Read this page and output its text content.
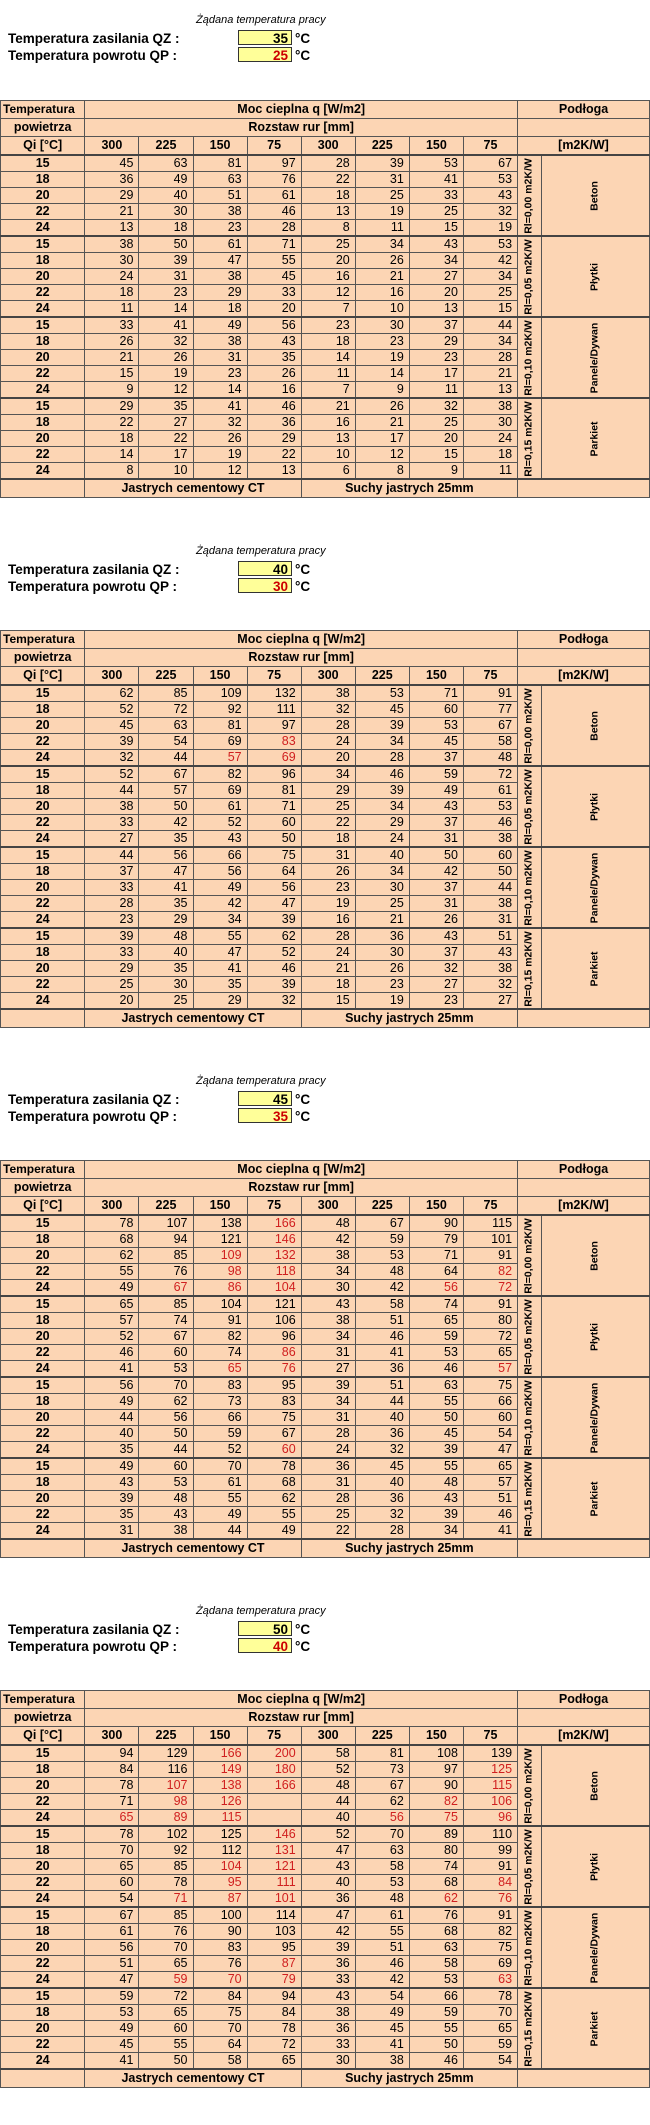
Żądana temperatura pracy
Temperatura zasilania QZ :	35 °C
Temperatura powrotu QP :	25 °C
Temperatura	Moc cieplna q [W/m2]								Podłoga	
powietrza	Rozstaw rur [mm]									
Qi [°C]	300	225	150	75	300	225	150	75	[m2K/W]	
15	45	63	81	97	28	39	53	67	Rl=0,00 m2K/W	Beton

18	36	49	63	76	22	31	41	53		
20	29	40	51	61	18	25	33	43		
22	21	30	38	46	13	19	25	32		
24	13	18	23	28	8	11	15	19		
15	38	50	61	71	25	34	43	53	Rl=0,05 m2K/W	Płytki

18	30	39	47	55	20	26	34	42		
20	24	31	38	45	16	21	27	34		
22	18	23	29	33	12	16	20	25		
24	11	14	18	20	7	10	13	15		
15	33	41	49	56	23	30	37	44	Rl=0,10 m2K/W	Panele/Dywan

18	26	32	38	43	18	23	29	34		
20	21	26	31	35	14	19	23	28		
22	15	19	23	26	11	14	17	21		
24	9	12	14	16	7	9	11	13		
15	29	35	41	46	21	26	32	38	Rl=0,15 m2K/W	Parkiet

18	22	27	32	36	16	21	25	30		
20	18	22	26	29	13	17	20	24		
22	14	17	19	22	10	12	15	18		
24	8	10	12	13	6	8	9	11		
	Jastrych cementowy CT				Suchy jastrych 25mm					
Żądana temperatura pracy
Temperatura zasilania QZ :	40 °C
Temperatura powrotu QP :	30 °C
Temperatura	Moc cieplna q [W/m2]								Podłoga	
powietrza	Rozstaw rur [mm]									
Qi [°C]	300	225	150	75	300	225	150	75	[m2K/W]	
15	62	85	109	132	38	53	71	91	Rl=0,00 m2K/W	Beton

18	52	72	92	111	32	45	60	77		
20	45	63	81	97	28	39	53	67		
22	39	54	69	83	24	34	45	58		
24	32	44	57	69	20	28	37	48		
15	52	67	82	96	34	46	59	72	Rl=0,05 m2K/W	Płytki

18	44	57	69	81	29	39	49	61		
20	38	50	61	71	25	34	43	53		
22	33	42	52	60	22	29	37	46		
24	27	35	43	50	18	24	31	38		
15	44	56	66	75	31	40	50	60	Rl=0,10 m2K/W	Panele/Dywan

18	37	47	56	64	26	34	42	50		
20	33	41	49	56	23	30	37	44		
22	28	35	42	47	19	25	31	38		
24	23	29	34	39	16	21	26	31		
15	39	48	55	62	28	36	43	51	Rl=0,15 m2K/W	Parkiet

18	33	40	47	52	24	30	37	43		
20	29	35	41	46	21	26	32	38		
22	25	30	35	39	18	23	27	32		
24	20	25	29	32	15	19	23	27		
	Jastrych cementowy CT				Suchy jastrych 25mm					
Żądana temperatura pracy
Temperatura zasilania QZ :	45 °C
Temperatura powrotu QP :	35 °C
Temperatura	Moc cieplna q [W/m2]								Podłoga	
powietrza	Rozstaw rur [mm]									
Qi [°C]	300	225	150	75	300	225	150	75	[m2K/W]	
15	78	107	138	166	48	67	90	115	Rl=0,00 m2K/W	Beton

18	68	94	121	146	42	59	79	101		
20	62	85	109	132	38	53	71	91		
22	55	76	98	118	34	48	64	82		
24	49	67	86	104	30	42	56	72		
15	65	85	104	121	43	58	74	91	Rl=0,05 m2K/W	Płytki

18	57	74	91	106	38	51	65	80		
20	52	67	82	96	34	46	59	72		
22	46	60	74	86	31	41	53	65		
24	41	53	65	76	27	36	46	57		
15	56	70	83	95	39	51	63	75	Rl=0,10 m2K/W	Panele/Dywan

18	49	62	73	83	34	44	55	66		
20	44	56	66	75	31	40	50	60		
22	40	50	59	67	28	36	45	54		
24	35	44	52	60	24	32	39	47		
15	49	60	70	78	36	45	55	65	Rl=0,15 m2K/W	Parkiet

18	43	53	61	68	31	40	48	57		
20	39	48	55	62	28	36	43	51		
22	35	43	49	55	25	32	39	46		
24	31	38	44	49	22	28	34	41		
	Jastrych cementowy CT				Suchy jastrych 25mm					
Żądana temperatura pracy
Temperatura zasilania QZ :	50 °C
Temperatura powrotu QP :	40 °C
Temperatura	Moc cieplna q [W/m2]								Podłoga	
powietrza	Rozstaw rur [mm]									
Qi [°C]	300	225	150	75	300	225	150	75	[m2K/W]	
15	94	129	166	200	58	81	108	139	Rl=0,00 m2K/W	Beton

18	84	116	149	180	52	73	97	125		
20	78	107	138	166	48	67	90	115		
22	71	98	126		44	62	82	106		
24	65	89	115		40	56	75	96		
15	78	102	125	146	52	70	89	110	Rl=0,05 m2K/W	Płytki

18	70	92	112	131	47	63	80	99		
20	65	85	104	121	43	58	74	91		
22	60	78	95	111	40	53	68	84		
24	54	71	87	101	36	48	62	76		
15	67	85	100	114	47	61	76	91	Rl=0,10 m2K/W	Panele/Dywan

18	61	76	90	103	42	55	68	82		
20	56	70	83	95	39	51	63	75		
22	51	65	76	87	36	46	58	69		
24	47	59	70	79	33	42	53	63		
15	59	72	84	94	43	54	66	78	Rl=0,15 m2K/W	Parkiet

18	53	65	75	84	38	49	59	70		
20	49	60	70	78	36	45	55	65		
22	45	55	64	72	33	41	50	59		
24	41	50	58	65	30	38	46	54		
	Jastrych cementowy CT				Suchy jastrych 25mm					
